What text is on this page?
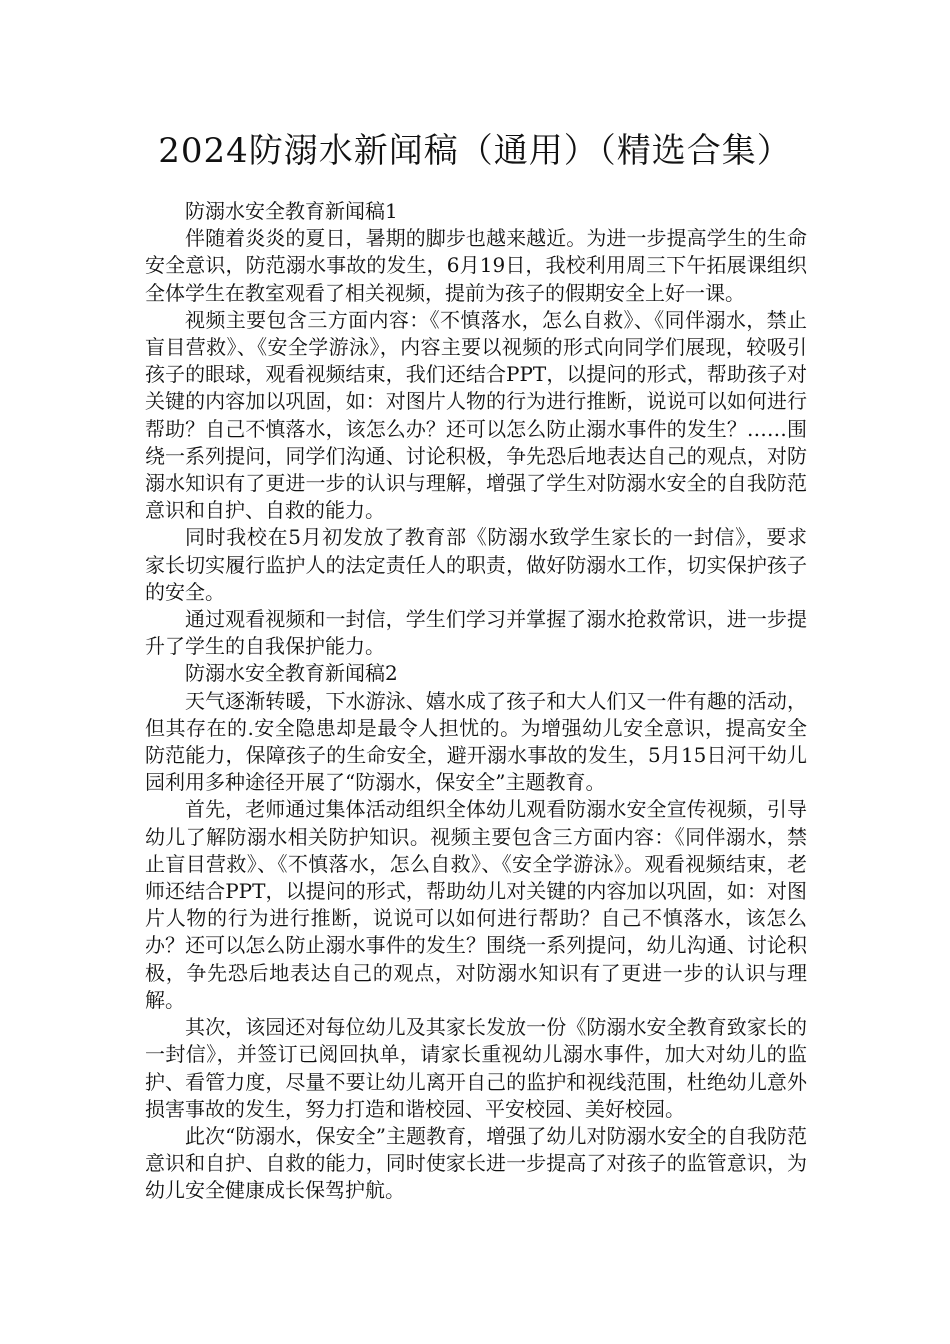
2024防溺水新闻稿（通用）（精选合集）

防溺水安全教育新闻稿1

伴随着炎炎的夏日，暑期的脚步也越来越近。为进一步提高学生的生命安全意识，防范溺水事故的发生，6月19日，我校利用周三下午拓展课组织全体学生在教室观看了相关视频，提前为孩子的假期安全上好一课。

视频主要包含三方面内容：《不慎落水，怎么自救》、《同伴溺水，禁止盲目营救》、《安全学游泳》，内容主要以视频的形式向同学们展现，较吸引孩子的眼球，观看视频结束，我们还结合PPT，以提问的形式，帮助孩子对关键的内容加以巩固，如：对图片人物的行为进行推断，说说可以如何进行帮助？自己不慎落水，该怎么办？还可以怎么防止溺水事件的发生？……围绕一系列提问，同学们沟通、讨论积极，争先恐后地表达自己的观点，对防溺水知识有了更进一步的认识与理解，增强了学生对防溺水安全的自我防范意识和自护、自救的能力。

同时我校在5月初发放了教育部《防溺水致学生家长的一封信》，要求家长切实履行监护人的法定责任人的职责，做好防溺水工作，切实保护孩子的安全。

通过观看视频和一封信，学生们学习并掌握了溺水抢救常识，进一步提升了学生的自我保护能力。

防溺水安全教育新闻稿2

天气逐渐转暖，下水游泳、嬉水成了孩子和大人们又一件有趣的活动，但其存在的.安全隐患却是最令人担忧的。为增强幼儿安全意识，提高安全防范能力，保障孩子的生命安全，避开溺水事故的发生，5月15日河干幼儿园利用多种途径开展了“防溺水，保安全”主题教育。

首先，老师通过集体活动组织全体幼儿观看防溺水安全宣传视频，引导幼儿了解防溺水相关防护知识。视频主要包含三方面内容：《同伴溺水，禁止盲目营救》、《不慎落水，怎么自救》、《安全学游泳》。观看视频结束，老师还结合PPT，以提问的形式，帮助幼儿对关键的内容加以巩固，如：对图片人物的行为进行推断，说说可以如何进行帮助？自己不慎落水，该怎么办？还可以怎么防止溺水事件的发生？围绕一系列提问，幼儿沟通、讨论积极，争先恐后地表达自己的观点，对防溺水知识有了更进一步的认识与理解。

其次，该园还对每位幼儿及其家长发放一份《防溺水安全教育致家长的一封信》，并签订已阅回执单，请家长重视幼儿溺水事件，加大对幼儿的监护、看管力度，尽量不要让幼儿离开自己的监护和视线范围，杜绝幼儿意外损害事故的发生，努力打造和谐校园、平安校园、美好校园。

此次“防溺水，保安全”主题教育，增强了幼儿对防溺水安全的自我防范意识和自护、自救的能力，同时使家长进一步提高了对孩子的监管意识，为幼儿安全健康成长保驾护航。
